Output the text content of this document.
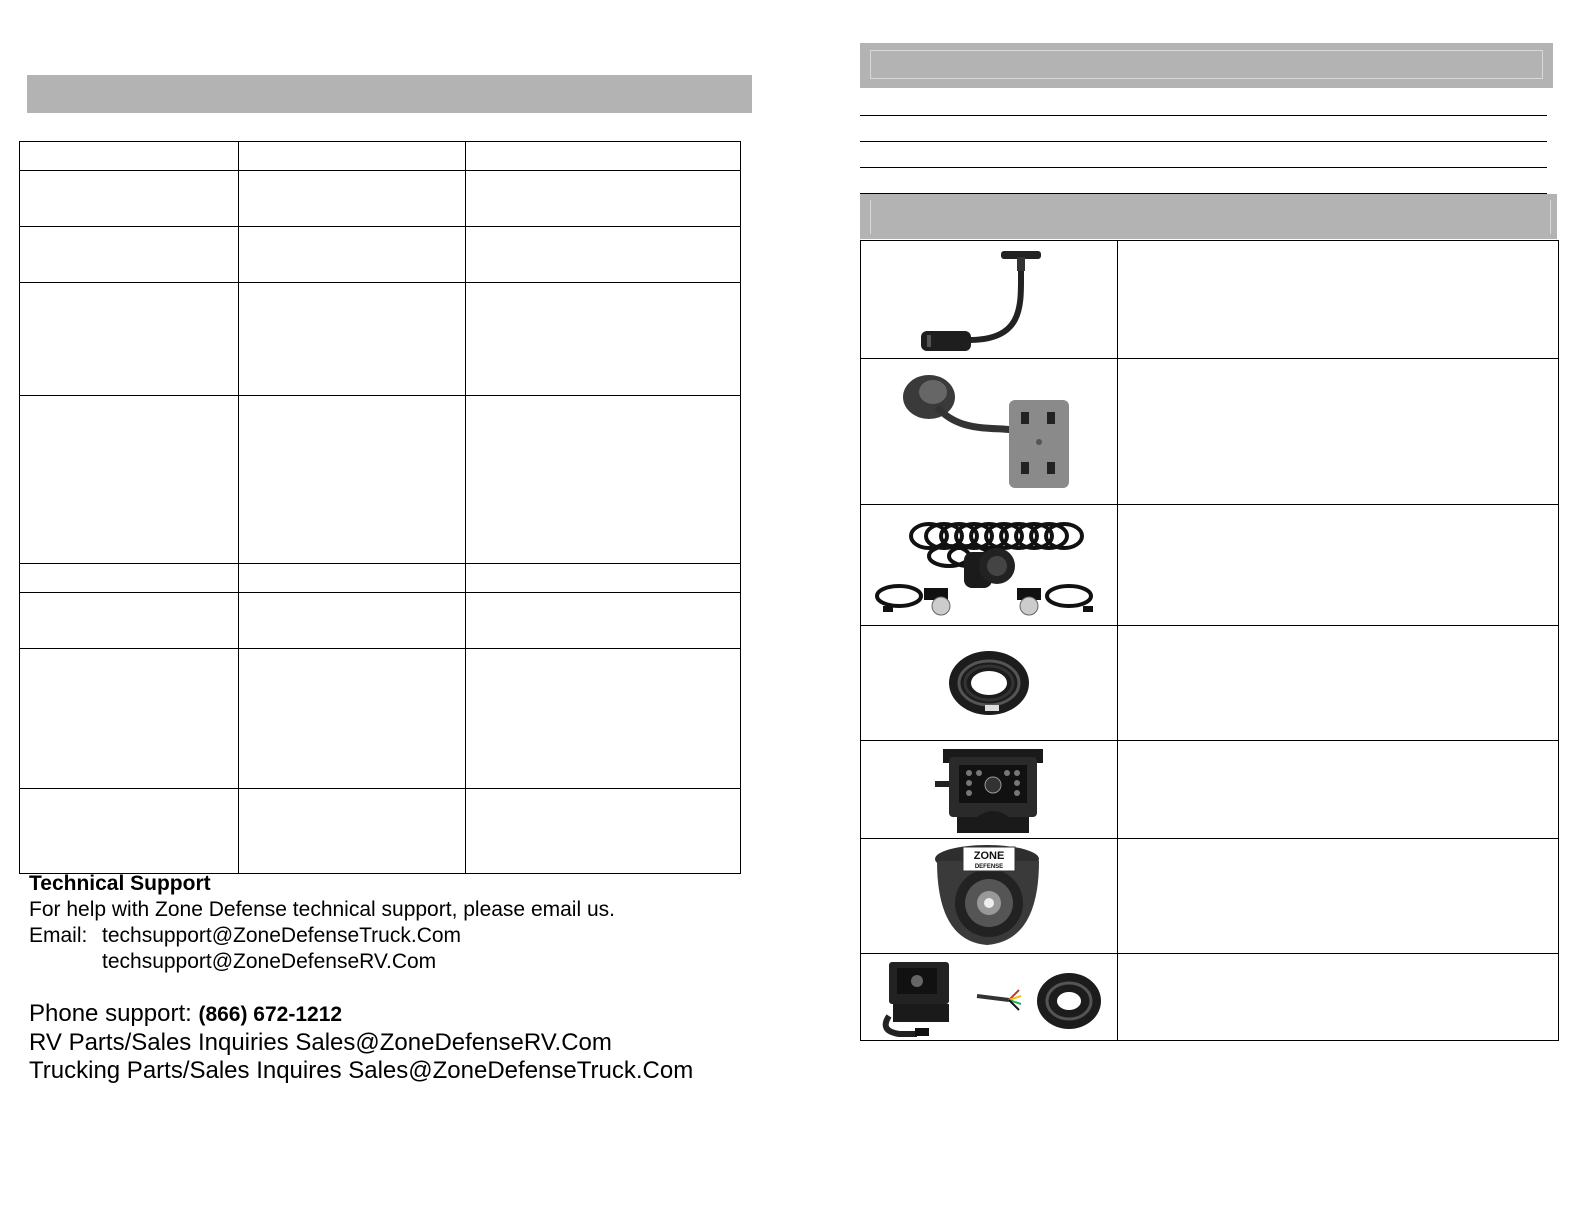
Technical Support

For help with Zone Defense technical support, please email us.

Email: techsupport@ZoneDefenseTruck.Com
techsupport@ZoneDefenseRV.Com

Phone support: (866) 672-1212

RV Parts/Sales Inquiries Sales@ZoneDefenseRV.Com

Trucking Parts/Sales Inquires Sales@ZoneDefenseTruck.Com

ZONE
DEFENSE	
